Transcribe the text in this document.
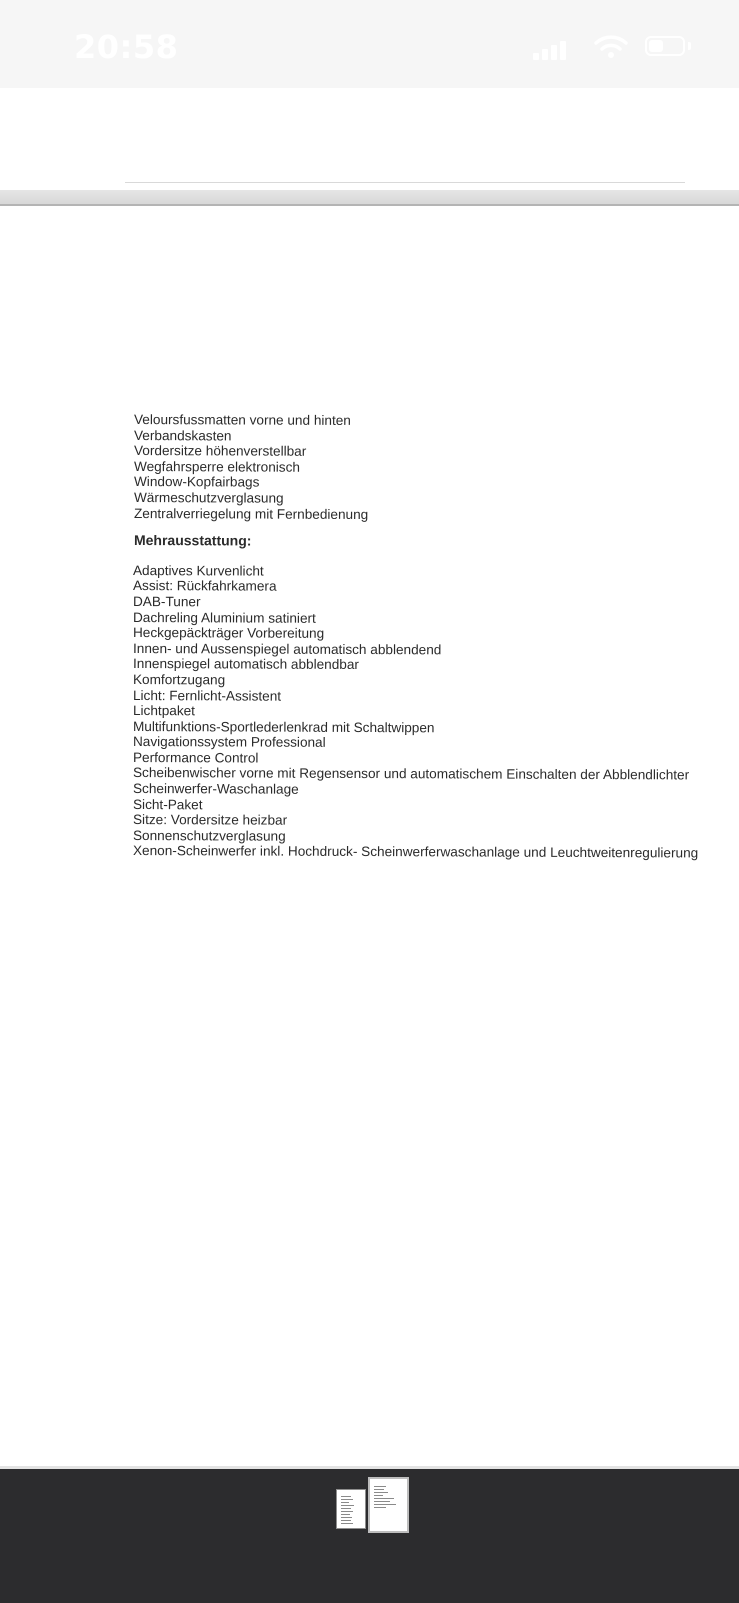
20:58
Veloursfussmatten vorne und hinten
Verbandskasten
Vordersitze höhenverstellbar
Wegfahrsperre elektronisch
Window-Kopfairbags
Wärmeschutzverglasung
Zentralverriegelung mit Fernbedienung
Mehrausstattung:
Adaptives Kurvenlicht
Assist: Rückfahrkamera
DAB-Tuner
Dachreling Aluminium satiniert
Heckgepäckträger Vorbereitung
Innen- und Aussenspiegel automatisch abblendend
Innenspiegel automatisch abblendbar
Komfortzugang
Licht: Fernlicht-Assistent
Lichtpaket
Multifunktions-Sportlederlenkrad mit Schaltwippen
Navigationssystem Professional
Performance Control
Scheibenwischer vorne mit Regensensor und automatischem Einschalten der Abblendlichter
Scheinwerfer-Waschanlage
Sicht-Paket
Sitze: Vordersitze heizbar
Sonnenschutzverglasung
Xenon-Scheinwerfer inkl. Hochdruck- Scheinwerferwaschanlage und Leuchtweitenregulierung
